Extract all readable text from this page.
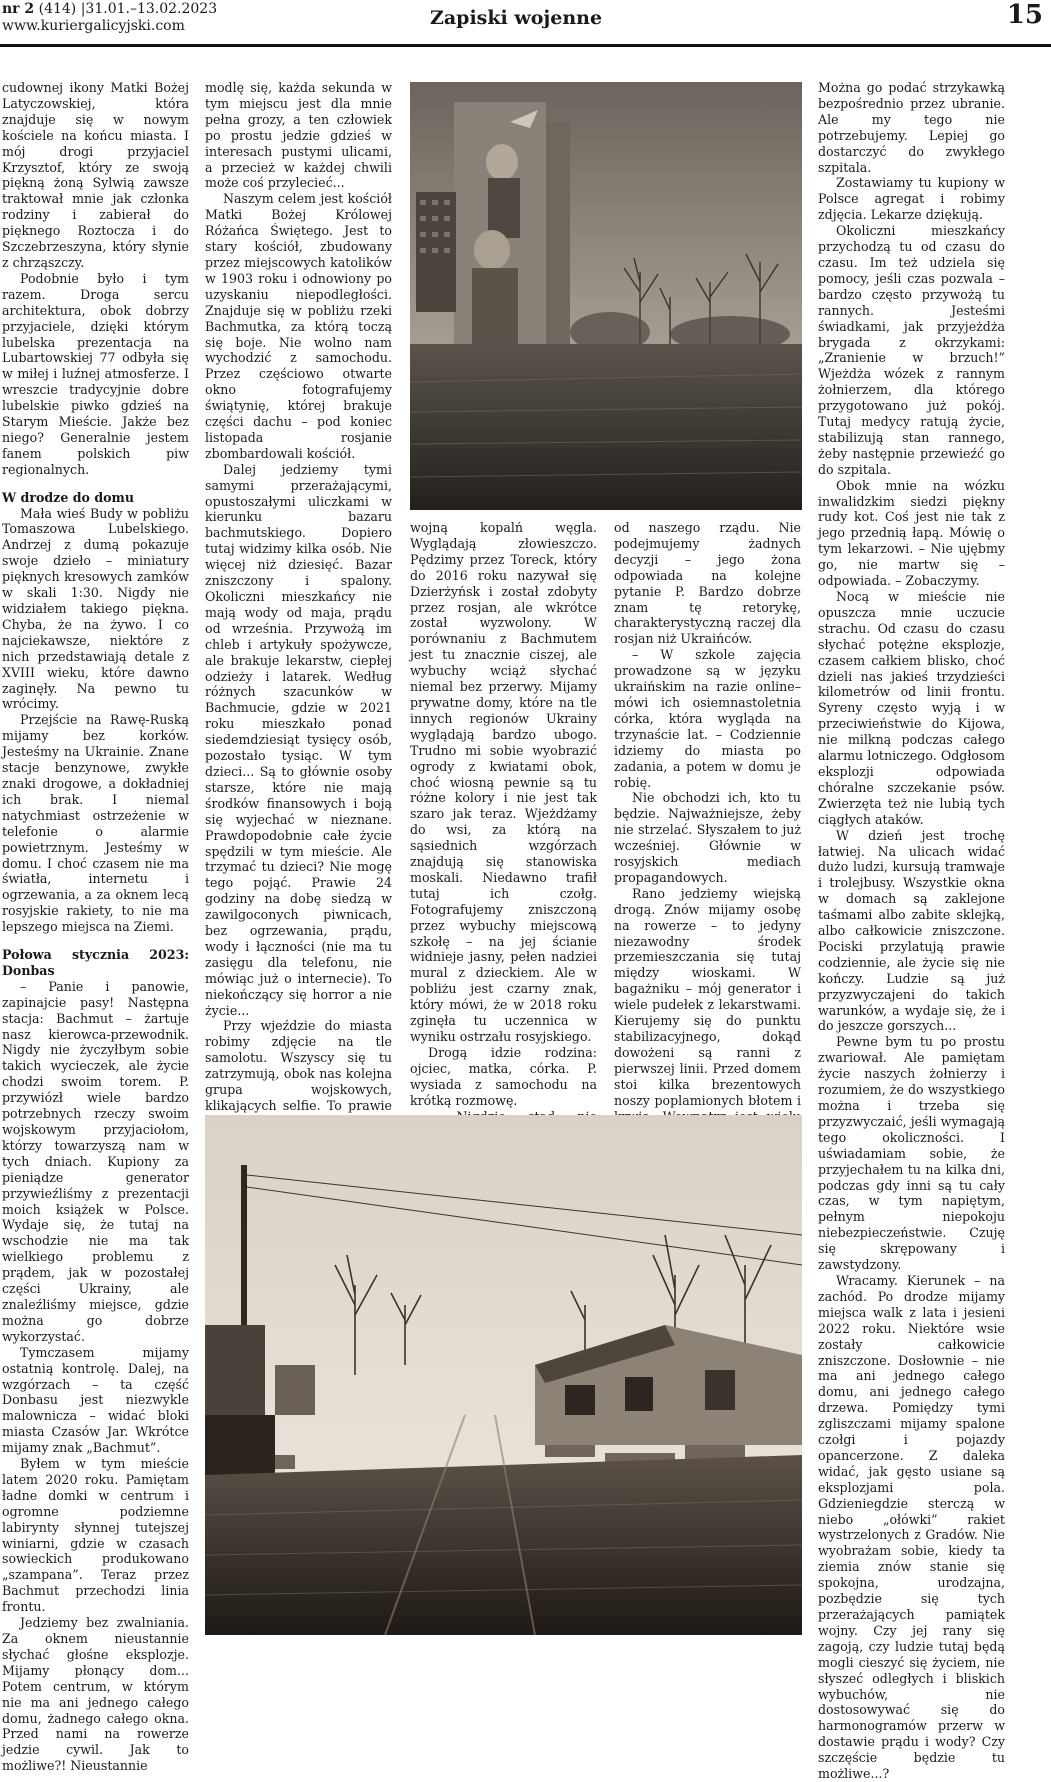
nr 2 (414) |31.01.–13.02.2023
www.kuriergalicyjski.com	Zapiski wojenne	15

cudownej ikony Matki Bożej Latyczowskiej, która znajduje się w nowym kościele na końcu miasta. I mój drogi przyjaciel Krzysztof, który ze swoją piękną żoną Sylwią zawsze traktował mnie jak członka rodziny i zabierał do pięknego Roztocza i do Szczebrzeszyna, który słynie z chrząszczy.

Podobnie było i tym razem. Droga sercu architektura, obok dobrzy przyjaciele, dzięki którym lubelska prezentacja na Lubartowskiej 77 odbyła się w miłej i luźnej atmosferze. I wreszcie tradycyjnie dobre lubelskie piwko gdzieś na Starym Mieście. Jakże bez niego? Generalnie jestem fanem polskich piw regionalnych.

W drodze do domu

Mała wieś Budy w pobliżu Tomaszowa Lubelskiego. Andrzej z dumą pokazuje swoje dzieło – miniatury pięknych kresowych zamków w skali 1:30. Nigdy nie widziałem takiego piękna. Chyba, że na żywo. I co najciekawsze, niektóre z nich przedstawiają detale z XVIII wieku, które dawno zaginęły. Na pewno tu wrócimy.

Przejście na Rawę-Ruską mijamy bez korków. Jesteśmy na Ukrainie. Znane stacje benzynowe, zwykłe znaki drogowe, a dokładniej ich brak. I niemal natychmiast ostrzeżenie w telefonie o alarmie powietrznym. Jesteśmy w domu. I choć czasem nie ma światła, internetu i ogrzewania, a za oknem lecą rosyjskie rakiety, to nie ma lepszego miejsca na Ziemi.

Połowa stycznia 2023: Donbas

– Panie i panowie, zapinajcie pasy! Następna stacja: Bachmut – żartuje nasz kierowca-przewodnik. Nigdy nie życzyłbym sobie takich wycieczek, ale życie chodzi swoim torem. P. przywiózł wiele bardzo potrzebnych rzeczy swoim wojskowym przyjaciołom, którzy towarzyszą nam w tych dniach. Kupiony za pieniądze generator przywieźliśmy z prezentacji moich książek w Polsce. Wydaje się, że tutaj na wschodzie nie ma tak wielkiego problemu z prądem, jak w pozostałej części Ukrainy, ale znaleźliśmy miejsce, gdzie można go dobrze wykorzystać.

Tymczasem mijamy ostatnią kontrolę. Dalej, na wzgórzach – ta część Donbasu jest niezwykle malownicza – widać bloki miasta Czasów Jar. Wkrótce mijamy znak „Bachmut”.

Byłem w tym mieście latem 2020 roku. Pamiętam ładne domki w centrum i ogromne podziemne labirynty słynnej tutejszej winiarni, gdzie w czasach sowieckich produkowano „szampana”. Teraz przez Bachmut przechodzi linia frontu.

Jedziemy bez zwalniania. Za oknem nieustannie słychać głośne eksplozje. Mijamy płonący dom... Potem centrum, w którym nie ma ani jednego całego domu, żadnego całego okna. Przed nami na rowerze jedzie cywil. Jak to możliwe?! Nieustannie

modlę się, każda sekunda w tym miejscu jest dla mnie pełna grozy, a ten człowiek po prostu jedzie gdzieś w interesach pustymi ulicami, a przecież w każdej chwili może coś przylecieć...

Naszym celem jest kościół Matki Bożej Królowej Różańca Świętego. Jest to stary kościół, zbudowany przez miejscowych katolików w 1903 roku i odnowiony po uzyskaniu niepodległości. Znajduje się w pobliżu rzeki Bachmutka, za którą toczą się boje. Nie wolno nam wychodzić z samochodu. Przez częściowo otwarte okno fotografujemy świątynię, której brakuje części dachu – pod koniec listopada rosjanie zbombardowali kościół.

Dalej jedziemy tymi samymi przerażającymi, opustoszałymi uliczkami w kierunku bazaru bachmutskiego. Dopiero tutaj widzimy kilka osób. Nie więcej niż dziesięć. Bazar zniszczony i spalony. Okoliczni mieszkańcy nie mają wody od maja, prądu od września. Przywożą im chleb i artykuły spożywcze, ale brakuje lekarstw, ciepłej odzieży i latarek. Według różnych szacunków w Bachmucie, gdzie w 2021 roku mieszkało ponad siedemdziesiąt tysięcy osób, pozostało tysiąc. W tym dzieci... Są to głównie osoby starsze, które nie mają środków finansowych i boją się wyjechać w nieznane. Prawdopodobnie całe życie spędzili w tym mieście. Ale trzymać tu dzieci? Nie mogę tego pojąć. Prawie 24 godziny na dobę siedzą w zawilgoconych piwnicach, bez ogrzewania, prądu, wody i łączności (nie ma tu zasięgu dla telefonu, nie mówiąc już o internecie). To niekończący się horror a nie życie...

Przy wjeździe do miasta robimy zdjęcie na tle samolotu. Wszyscy się tu zatrzymują, obok nas kolejna grupa wojskowych, klikających selfie. To prawie

wojną kopalń węgla. Wyglądają złowieszczo. Pędzimy przez Toreck, który do 2016 roku nazywał się Dzierżyńsk i został zdobyty przez rosjan, ale wkrótce został wyzwolony. W porównaniu z Bachmutem jest tu znacznie ciszej, ale wybuchy wciąż słychać niemal bez przerwy. Mijamy prywatne domy, które na tle innych regionów Ukrainy wyglądają bardzo ubogo. Trudno mi sobie wyobrazić ogrody z kwiatami obok, choć wiosną pewnie są tu różne kolory i nie jest tak szaro jak teraz. Wjeżdżamy do wsi, za którą na sąsiednich wzgórzach znajdują się stanowiska moskali. Niedawno trafił tutaj ich czołg. Fotografujemy zniszczoną przez wybuchy miejscową szkołę – na jej ścianie widnieje jasny, pełen nadziei mural z dzieckiem. Ale w pobliżu jest czarny znak, który mówi, że w 2018 roku zginęła tu uczennica w wyniku ostrzału rosyjskiego.

Drogą idzie rodzina: ojciec, matka, córka. P. wysiada z samochodu na krótką rozmowę.

od naszego rządu. Nie podejmujemy żadnych decyzji – jego żona odpowiada na kolejne pytanie P. Bardzo dobrze znam tę retorykę, charakterystyczną raczej dla rosjan niż Ukraińców.

– W szkole zajęcia prowadzone są w języku ukraińskim na razie online– mówi ich osiemnastoletnia córka, która wygląda na trzynaście lat. – Codziennie idziemy do miasta po zadania, a potem w domu je robię.

Nie obchodzi ich, kto tu będzie. Najważniejsze, żeby nie strzelać. Słyszałem to już wcześniej. Głównie w rosyjskich mediach propagandowych.

Rano jedziemy wiejską drogą. Znów mijamy osobę na rowerze – to jedyny niezawodny środek przemieszczania się tutaj między wioskami. W bagażniku – mój generator i wiele pudełek z lekarstwami. Kierujemy się do punktu stabilizacyjnego, dokąd dowożeni są ranni z pierwszej linii. Przed domem stoi kilka brezentowych noszy poplamionych błotem i

Można go podać strzykawką bezpośrednio przez ubranie. Ale my tego nie potrzebujemy. Lepiej go dostarczyć do zwykłego szpitala.

Zostawiamy tu kupiony w Polsce agregat i robimy zdjęcia. Lekarze dziękują.

Okoliczni mieszkańcy przychodzą tu od czasu do czasu. Im też udziela się pomocy, jeśli czas pozwala – bardzo często przywożą tu rannych. Jesteśmi świadkami, jak przyjeżdża brygada z okrzykami: „Zranienie w brzuch!” Wjeżdża wózek z rannym żołnierzem, dla którego przygotowano już pokój. Tutaj medycy ratują życie, stabilizują stan rannego, żeby następnie przewieźć go do szpitala.

Obok mnie na wózku inwalidzkim siedzi piękny rudy kot. Coś jest nie tak z jego przednią łapą. Mówię o tym lekarzowi. – Nie ujębmy go, nie martw się – odpowiada. – Zobaczymy.

Nocą w mieście nie opuszcza mnie uczucie strachu. Od czasu do czasu słychać potężne eksplozje, czasem całkiem blisko, choć dzieli nas jakieś trzydzieści kilometrów od linii frontu. Syreny często wyją i w przeciwieństwie do Kijowa, nie milkną podczas całego alarmu lotniczego. Odgłosom eksplozji odpowiada chóralne szczekanie psów. Zwierzęta też nie lubią tych ciągłych ataków.

W dzień jest trochę łatwiej. Na ulicach widać dużo ludzi, kursują tramwaje i trolejbusy. Wszystkie okna w domach są zaklejone taśmami albo zabite sklejką, albo całkowicie zniszczone. Pociski przylatują prawie codziennie, ale życie się nie kończy. Ludzie są już przyzwyczajeni do takich warunków, a wydaje się, że i do jeszcze gorszych...

Pewne bym tu po prostu zwariował. Ale pamiętam życie naszych żołnierzy i rozumiem, że do wszystkiego można i trzeba się przyzwyczaić, jeśli wymagają tego okoliczności. I uświadamiam sobie, że przyjechałem tu na kilka dni, podczas gdy inni są tu cały czas, w tym napiętym, pełnym niepokoju niebezpieczeństwie. Czuję się skrępowany i zawstydzony.

Wracamy. Kierunek – na zachód. Po drodze mijamy miejsca walk z lata i jesieni 2022 roku. Niektóre wsie zostały całkowicie zniszczone. Dosłownie – nie ma ani jednego całego domu, ani jednego całego drzewa. Pomiędzy tymi zgliszczami mijamy spalone czołgi i pojazdy opancerzone. Z daleka widać, jak gęsto usiane są eksplozjami pola. Gdzieniegdzie sterczą w niebo „ołówki” rakiet wystrzelonych z Gradów. Nie wyobrażam sobie, kiedy ta ziemia znów stanie się spokojna, urodzajna, pozbędzie się tych przerażających pamiątek wojny. Czy jej rany się zagoją, czy ludzie tutaj będą mogli cieszyć się życiem, nie słyszeć odległych i bliskich wybuchów, nie dostosowywać się do harmonogramów przerw w dostawie prądu i wody? Czy szczęście będzie tu możliwe...?
